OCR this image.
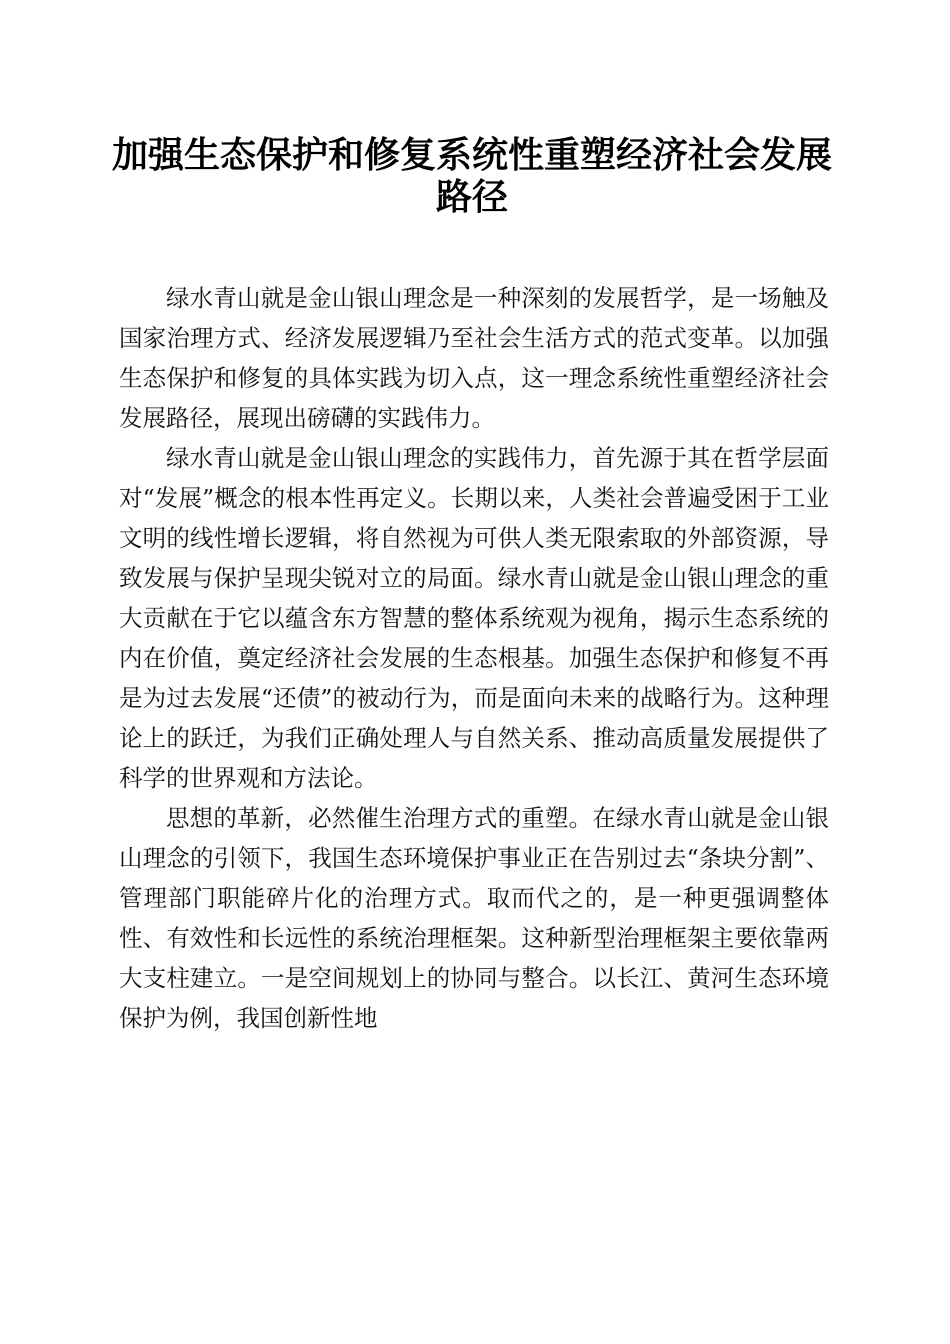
加强生态保护和修复系统性重塑经济社会发展路径

绿水青山就是金山银山理念是一种深刻的发展哲学，是一场触及国家治理方式、经济发展逻辑乃至社会生活方式的范式变革。以加强生态保护和修复的具体实践为切入点，这一理念系统性重塑经济社会发展路径，展现出磅礴的实践伟力。

绿水青山就是金山银山理念的实践伟力，首先源于其在哲学层面对“发展”概念的根本性再定义。长期以来，人类社会普遍受困于工业文明的线性增长逻辑，将自然视为可供人类无限索取的外部资源，导致发展与保护呈现尖锐对立的局面。绿水青山就是金山银山理念的重大贡献在于它以蕴含东方智慧的整体系统观为视角，揭示生态系统的内在价值，奠定经济社会发展的生态根基。加强生态保护和修复不再是为过去发展“还债”的被动行为，而是面向未来的战略行为。这种理论上的跃迁，为我们正确处理人与自然关系、推动高质量发展提供了科学的世界观和方法论。

思想的革新，必然催生治理方式的重塑。在绿水青山就是金山银山理念的引领下，我国生态环境保护事业正在告别过去“条块分割”、管理部门职能碎片化的治理方式。取而代之的，是一种更强调整体性、有效性和长远性的系统治理框架。这种新型治理框架主要依靠两大支柱建立。一是空间规划上的协同与整合。以长江、黄河生态环境保护为例，我国创新性地
